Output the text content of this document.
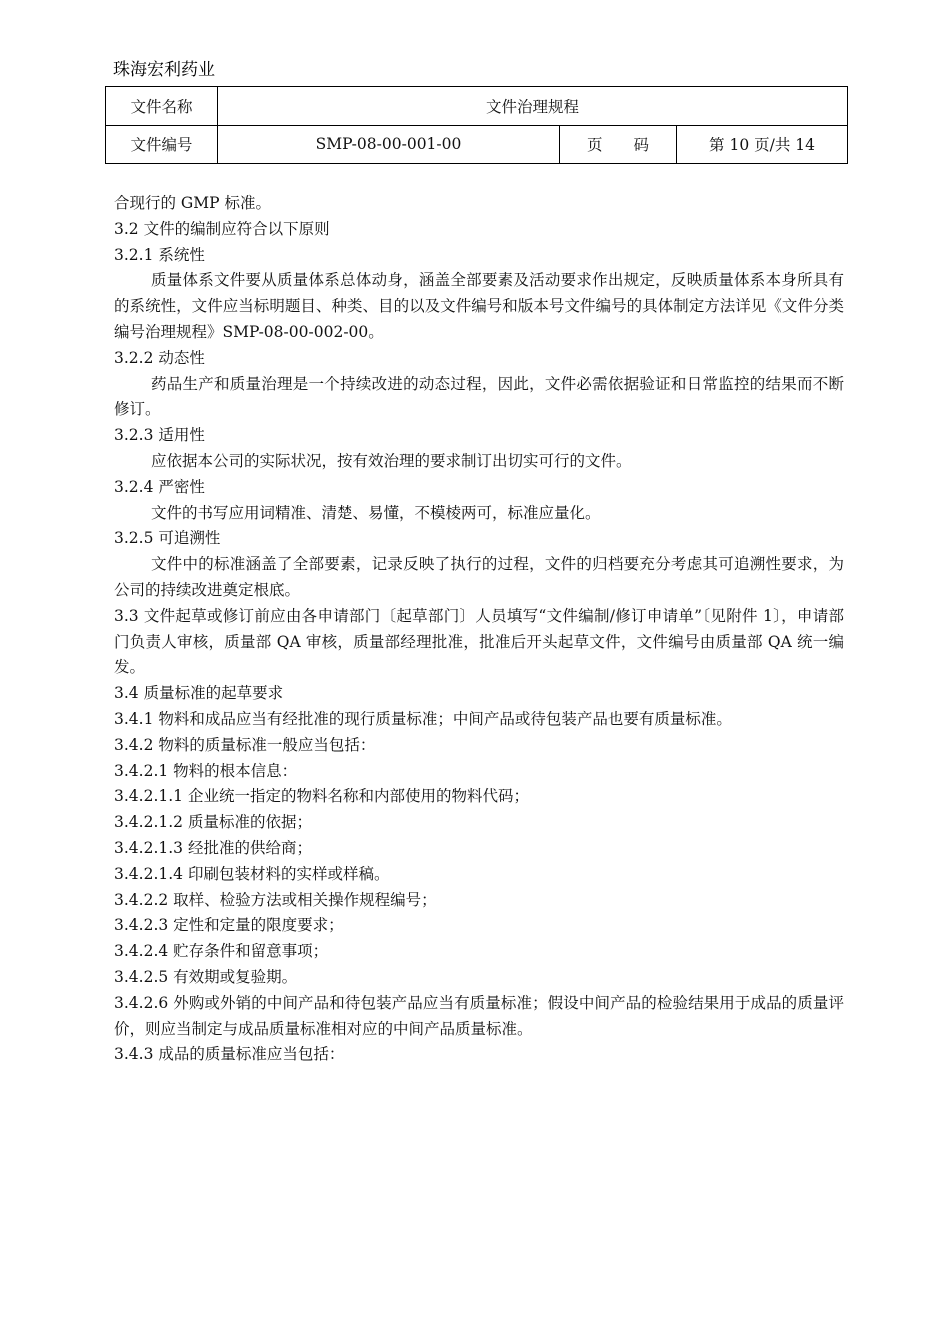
珠海宏利药业
文件名称	文件治理规程		
文件编号	SMP-08-00-001-00	页　　码	第 10 页/共 14

合现行的 GMP 标准。

3.2 文件的编制应符合以下原则

3.2.1 系统性

质量体系文件要从质量体系总体动身，涵盖全部要素及活动要求作出规定，反映质量体系本身所具有的系统性，文件应当标明题目、种类、目的以及文件编号和版本号文件编号的具体制定方法详见《文件分类编号治理规程》SMP-08-00-002-00。

3.2.2 动态性

药品生产和质量治理是一个持续改进的动态过程，因此，文件必需依据验证和日常监控的结果而不断修订。

3.2.3 适用性

应依据本公司的实际状况，按有效治理的要求制订出切实可行的文件。

3.2.4 严密性

文件的书写应用词精准、清楚、易懂，不模棱两可，标准应量化。

3.2.5 可追溯性

文件中的标准涵盖了全部要素，记录反映了执行的过程，文件的归档要充分考虑其可追溯性要求，为公司的持续改进奠定根底。

3.3 文件起草或修订前应由各申请部门〔起草部门〕人员填写“文件编制/修订申请单”〔见附件 1〕，申请部门负责人审核，质量部 QA 审核，质量部经理批准，批准后开头起草文件，文件编号由质量部 QA 统一编发。

3.4 质量标准的起草要求

3.4.1 物料和成品应当有经批准的现行质量标准；中间产品或待包装产品也要有质量标准。

3.4.2 物料的质量标准一般应当包括：

3.4.2.1 物料的根本信息：

3.4.2.1.1 企业统一指定的物料名称和内部使用的物料代码；

3.4.2.1.2 质量标准的依据；

3.4.2.1.3 经批准的供给商；

3.4.2.1.4 印刷包装材料的实样或样稿。

3.4.2.2 取样、检验方法或相关操作规程编号；

3.4.2.3 定性和定量的限度要求；

3.4.2.4 贮存条件和留意事项；

3.4.2.5 有效期或复验期。

3.4.2.6 外购或外销的中间产品和待包装产品应当有质量标准；假设中间产品的检验结果用于成品的质量评价，则应当制定与成品质量标准相对应的中间产品质量标准。

3.4.3 成品的质量标准应当包括：
